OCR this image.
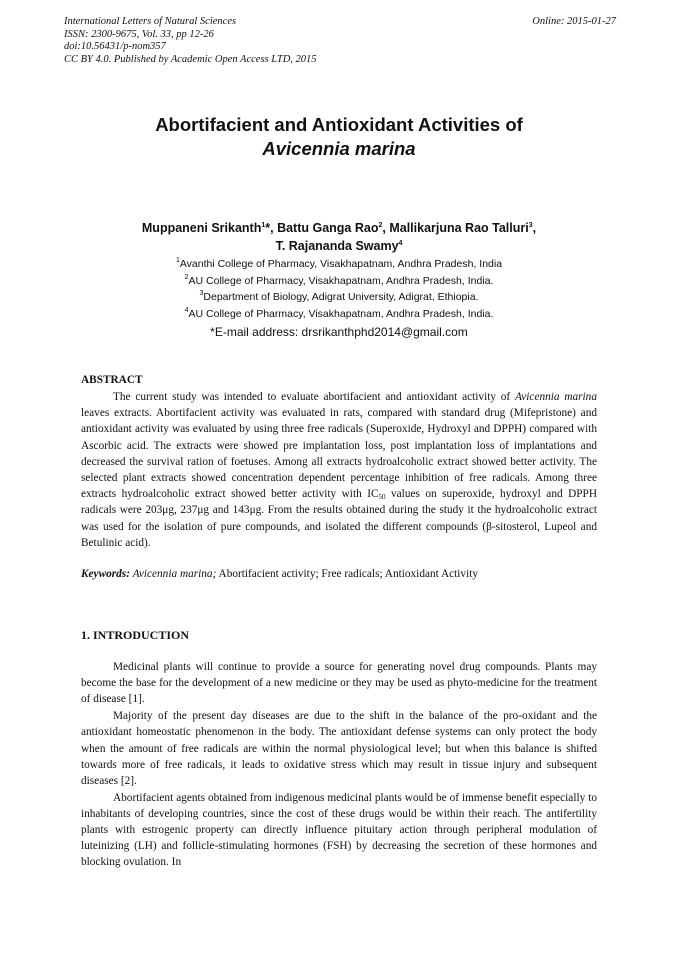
International Letters of Natural Sciences
ISSN: 2300-9675, Vol. 33, pp 12-26
doi:10.56431/p-nom357
CC BY 4.0. Published by Academic Open Access LTD, 2015
Online: 2015-01-27
Abortifacient and Antioxidant Activities of
Avicennia marina
Muppaneni Srikanth$^1$*, Battu Ganga Rao$^2$, Mallikarjuna Rao Talluri$^3$,
T. Rajananda Swamy$^4$
$^1$Avanthi College of Pharmacy, Visakhapatnam, Andhra Pradesh, India
$^2$AU College of Pharmacy, Visakhapatnam, Andhra Pradesh, India.
$^3$Department of Biology, Adigrat University, Adigrat, Ethiopia.
$^4$AU College of Pharmacy, Visakhapatnam, Andhra Pradesh, India.
*E-mail address: drsrikanthphd2014@gmail.com
ABSTRACT

The current study was intended to evaluate abortifacient and antioxidant activity of Avicennia marina leaves extracts. Abortifacient activity was evaluated in rats, compared with standard drug (Mifepristone) and antioxidant activity was evaluated by using three free radicals (Superoxide, Hydroxyl and DPPH) compared with Ascorbic acid. The extracts were showed pre implantation loss, post implantation loss of implantations and decreased the survival ration of foetuses. Among all extracts hydroalcoholic extract showed better activity. The selected plant extracts showed concentration dependent percentage inhibition of free radicals. Among three extracts hydroalcoholic extract showed better activity with $IC_{50}$ values on superoxide, hydroxyl and DPPH radicals were 203μg, 237μg and 143μg. From the results obtained during the study it the hydroalcoholic extract was used for the isolation of pure compounds, and isolated the different compounds (β-sitosterol, Lupeol and Betulinic acid).

Keywords: Avicennia marina; Abortifacient activity; Free radicals; Antioxidant Activity
1. INTRODUCTION

Medicinal plants will continue to provide a source for generating novel drug compounds. Plants may become the base for the development of a new medicine or they may be used as phyto-medicine for the treatment of disease [1].

Majority of the present day diseases are due to the shift in the balance of the pro-oxidant and the antioxidant homeostatic phenomenon in the body. The antioxidant defense systems can only protect the body when the amount of free radicals are within the normal physiological level; but when this balance is shifted towards more of free radicals, it leads to oxidative stress which may result in tissue injury and subsequent diseases [2].

Abortifacient agents obtained from indigenous medicinal plants would be of immense benefit especially to inhabitants of developing countries, since the cost of these drugs would be within their reach. The antifertility plants with estrogenic property can directly influence pituitary action through peripheral modulation of luteinizing (LH) and follicle-stimulating hormones (FSH) by decreasing the secretion of these hormones and blocking ovulation. In
